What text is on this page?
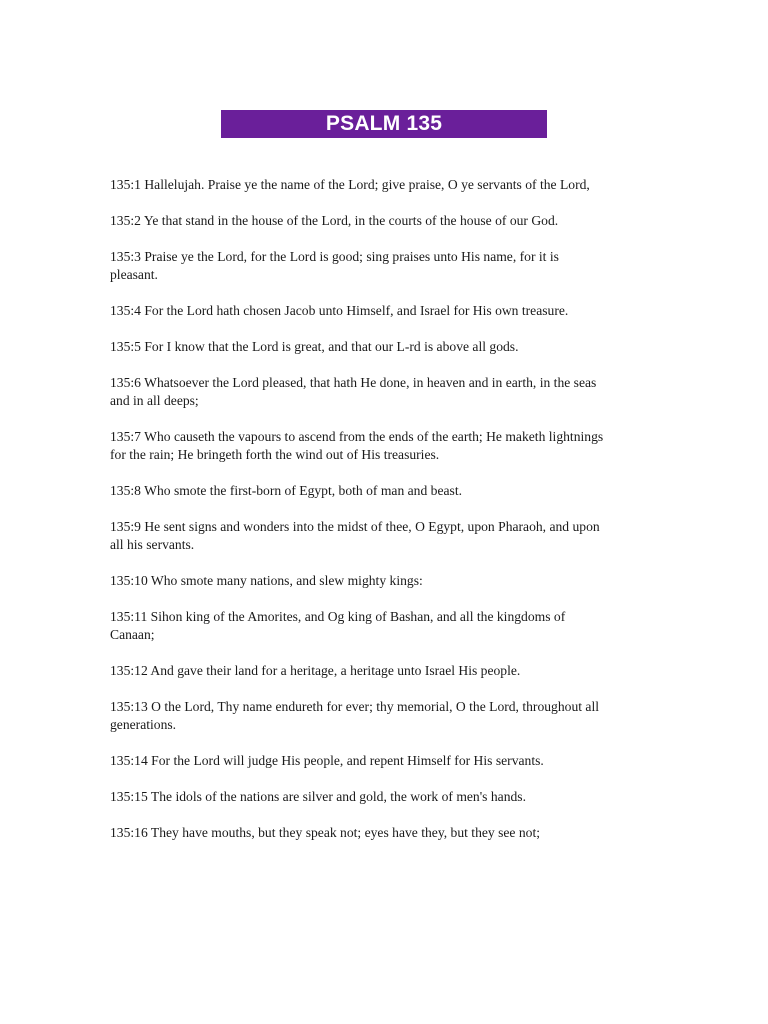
PSALM 135

135:1 Hallelujah. Praise ye the name of the Lord; give praise, O ye servants of the Lord,

135:2 Ye that stand in the house of the Lord, in the courts of the house of our God.

135:3 Praise ye the Lord, for the Lord is good; sing praises unto His name, for it is pleasant.

135:4 For the Lord hath chosen Jacob unto Himself, and Israel for His own treasure.

135:5 For I know that the Lord is great, and that our L-rd is above all gods.

135:6 Whatsoever the Lord pleased, that hath He done, in heaven and in earth, in the seas and in all deeps;

135:7 Who causeth the vapours to ascend from the ends of the earth; He maketh lightnings for the rain; He bringeth forth the wind out of His treasuries.

135:8 Who smote the first-born of Egypt, both of man and beast.

135:9 He sent signs and wonders into the midst of thee, O Egypt, upon Pharaoh, and upon all his servants.

135:10 Who smote many nations, and slew mighty kings:

135:11 Sihon king of the Amorites, and Og king of Bashan, and all the kingdoms of Canaan;

135:12 And gave their land for a heritage, a heritage unto Israel His people.

135:13 O the Lord, Thy name endureth for ever; thy memorial, O the Lord, throughout all generations.

135:14 For the Lord will judge His people, and repent Himself for His servants.

135:15 The idols of the nations are silver and gold, the work of men's hands.

135:16 They have mouths, but they speak not; eyes have they, but they see not;
